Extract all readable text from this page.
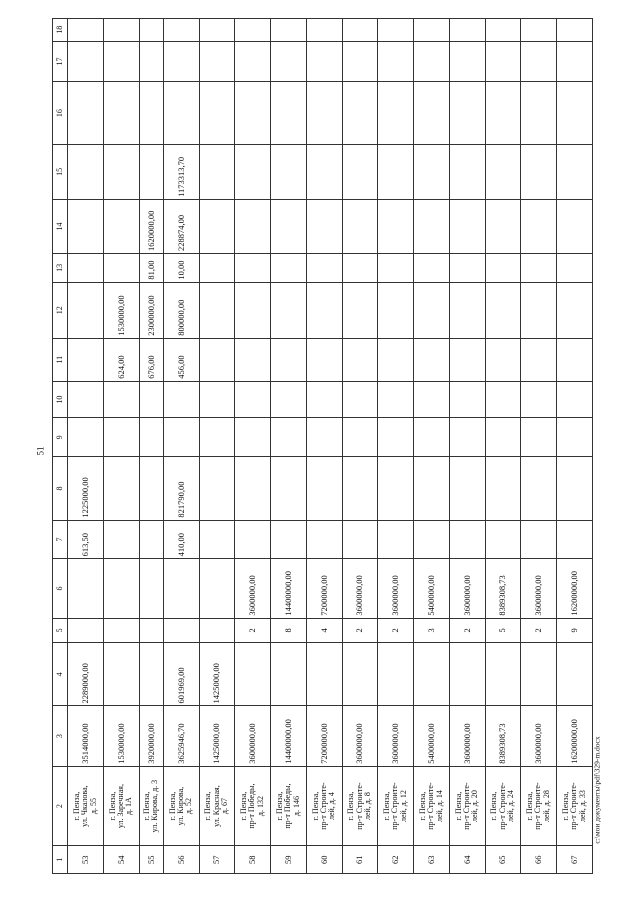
51
1	2	3	4	5	6	7	8	9	10	11	12	13	14	15	16	17	18
53	г. Пенза, ул. Чкалова, д. 55	3514000,00	2289000,00			613,50	1225000,00										
54	г. Пенза, ул. Заречная, д. 1А	1530000,00								624,00	1530000,00						
55	г. Пенза, ул. Кирова, д. 3	3920000,00								676,00	2300000,00	81,00	1620000,00				
56	г. Пенза, ул. Кирова, д. 52	3625946,70	601969,00			410,00	821790,00			456,00	800000,00	10,00	228874,00	1173313,70			
57	г. Пенза, ул. Красная, д. 67	1425000,00	1425000,00														
58	г. Пенза, пр-т Победы, д. 132	3600000,00		2	3600000,00												
59	г. Пенза, пр-т Победы, д. 146	14400000,00		8	14400000,00												
60	г. Пенза, пр-т Строите- лей, д. 4	7200000,00		4	7200000,00												
61	г. Пенза, пр-т Строите- лей, д. 8	3600000,00		2	3600000,00												
62	г. Пенза, пр-т Строите- лей, д. 12	3600000,00		2	3600000,00												
63	г. Пенза, пр-т Строите- лей, д. 14	5400000,00		3	5400000,00												
64	г. Пенза, пр-т Строите- лей, д. 20	3600000,00		2	3600000,00												
65	г. Пенза, пр-т Строите- лей, д. 24	8389308,73		5	8389308,73												
66	г. Пенза, пр-т Строите- лей, д. 28	3600000,00		2	3600000,00												
67	г. Пенза, пр-т Строите- лей, д. 33	16200000,00		9	16200000,00												
c:\мои документы\pdf\329-m.docx
